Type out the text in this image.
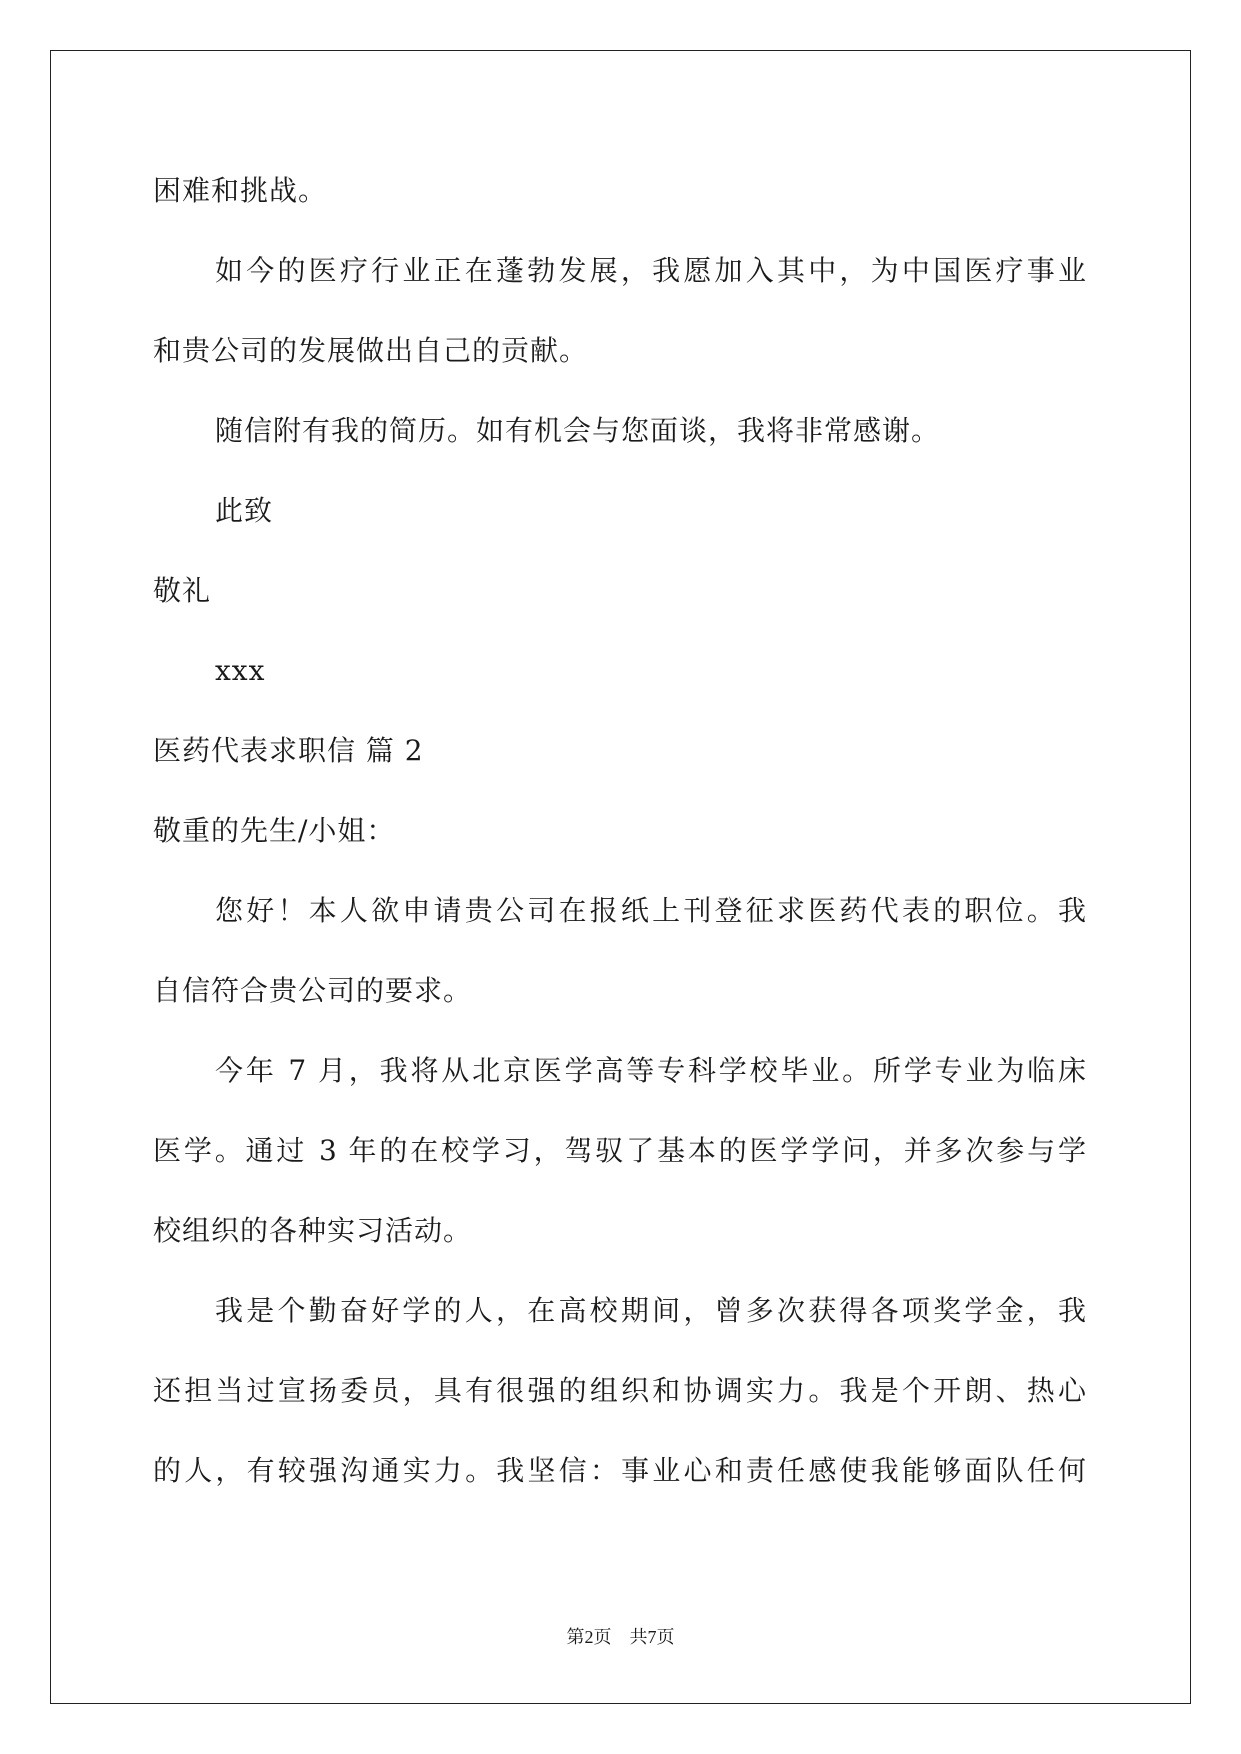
困难和挑战。
如今的医疗行业正在蓬勃发展，我愿加入其中，为中国医疗事业
和贵公司的发展做出自己的贡献。
随信附有我的简历。如有机会与您面谈，我将非常感谢。
此致
敬礼
xxx
医药代表求职信 篇 2
敬重的先生/小姐：
您好！本人欲申请贵公司在报纸上刊登征求医药代表的职位。我
自信符合贵公司的要求。
今年 7 月，我将从北京医学高等专科学校毕业。所学专业为临床
医学。通过 3 年的在校学习，驾驭了基本的医学学问，并多次参与学
校组织的各种实习活动。
我是个勤奋好学的人，在高校期间，曾多次获得各项奖学金，我
还担当过宣扬委员，具有很强的组织和协调实力。我是个开朗、热心
的人，有较强沟通实力。我坚信：事业心和责任感使我能够面队任何
第2页　共7页
